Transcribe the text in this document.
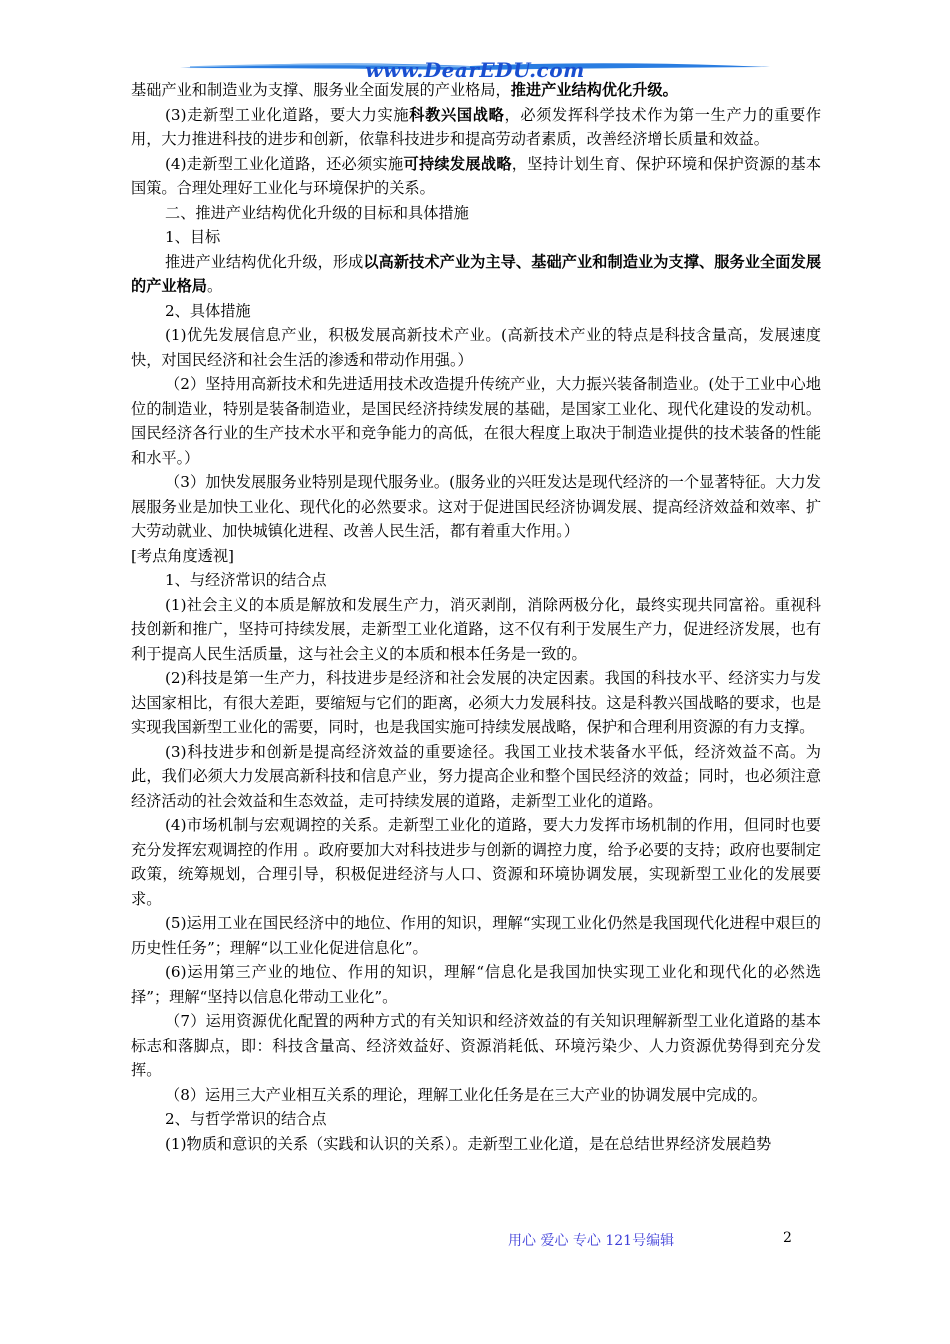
www.DearEDU.com

基础产业和制造业为支撑、服务业全面发展的产业格局，推进产业结构优化升级。

(3)走新型工业化道路，要大力实施科教兴国战略，必须发挥科学技术作为第一生产力的重要作用，大力推进科技的进步和创新，依靠科技进步和提高劳动者素质，改善经济增长质量和效益。

(4)走新型工业化道路，还必须实施可持续发展战略，坚持计划生育、保护环境和保护资源的基本国策。合理处理好工业化与环境保护的关系。

二、推进产业结构优化升级的目标和具体措施

1、目标

推进产业结构优化升级，形成以高新技术产业为主导、基础产业和制造业为支撑、服务业全面发展的产业格局。

2、具体措施

(1)优先发展信息产业，积极发展高新技术产业。(高新技术产业的特点是科技含量高，发展速度快，对国民经济和社会生活的渗透和带动作用强。）

（2）坚持用高新技术和先进适用技术改造提升传统产业，大力振兴装备制造业。(处于工业中心地位的制造业，特别是装备制造业，是国民经济持续发展的基础，是国家工业化、现代化建设的发动机。国民经济各行业的生产技术水平和竞争能力的高低，在很大程度上取决于制造业提供的技术装备的性能和水平。）

（3）加快发展服务业特别是现代服务业。(服务业的兴旺发达是现代经济的一个显著特征。大力发展服务业是加快工业化、现代化的必然要求。这对于促进国民经济协调发展、提高经济效益和效率、扩大劳动就业、加快城镇化进程、改善人民生活，都有着重大作用。）

[考点角度透视]

1、与经济常识的结合点

(1)社会主义的本质是解放和发展生产力，消灭剥削，消除两极分化，最终实现共同富裕。重视科技创新和推广，坚持可持续发展，走新型工业化道路，这不仅有利于发展生产力，促进经济发展，也有利于提高人民生活质量，这与社会主义的本质和根本任务是一致的。

(2)科技是第一生产力，科技进步是经济和社会发展的决定因素。我国的科技水平、经济实力与发达国家相比，有很大差距，要缩短与它们的距离，必须大力发展科技。这是科教兴国战略的要求，也是实现我国新型工业化的需要，同时，也是我国实施可持续发展战略，保护和合理利用资源的有力支撑。

(3)科技进步和创新是提高经济效益的重要途径。我国工业技术装备水平低，经济效益不高。为此，我们必须大力发展高新科技和信息产业，努力提高企业和整个国民经济的效益；同时，也必须注意经济活动的社会效益和生态效益，走可持续发展的道路，走新型工业化的道路。

(4)市场机制与宏观调控的关系。走新型工业化的道路，要大力发挥市场机制的作用，但同时也要充分发挥宏观调控的作用 。政府要加大对科技进步与创新的调控力度，给予必要的支持；政府也要制定政策，统筹规划，合理引导，积极促进经济与人口、资源和环境协调发展，实现新型工业化的发展要求。

(5)运用工业在国民经济中的地位、作用的知识，理解“实现工业化仍然是我国现代化进程中艰巨的历史性任务”；理解“以工业化促进信息化”。

(6)运用第三产业的地位、作用的知识，理解“信息化是我国加快实现工业化和现代化的必然选择”；理解“坚持以信息化带动工业化”。

（7）运用资源优化配置的两种方式的有关知识和经济效益的有关知识理解新型工业化道路的基本标志和落脚点，即：科技含量高、经济效益好、资源消耗低、环境污染少、人力资源优势得到充分发挥。

（8）运用三大产业相互关系的理论，理解工业化任务是在三大产业的协调发展中完成的。

2、与哲学常识的结合点

(1)物质和意识的关系（实践和认识的关系）。走新型工业化道，是在总结世界经济发展趋势

用心 爱心 专心 121号编辑	2
